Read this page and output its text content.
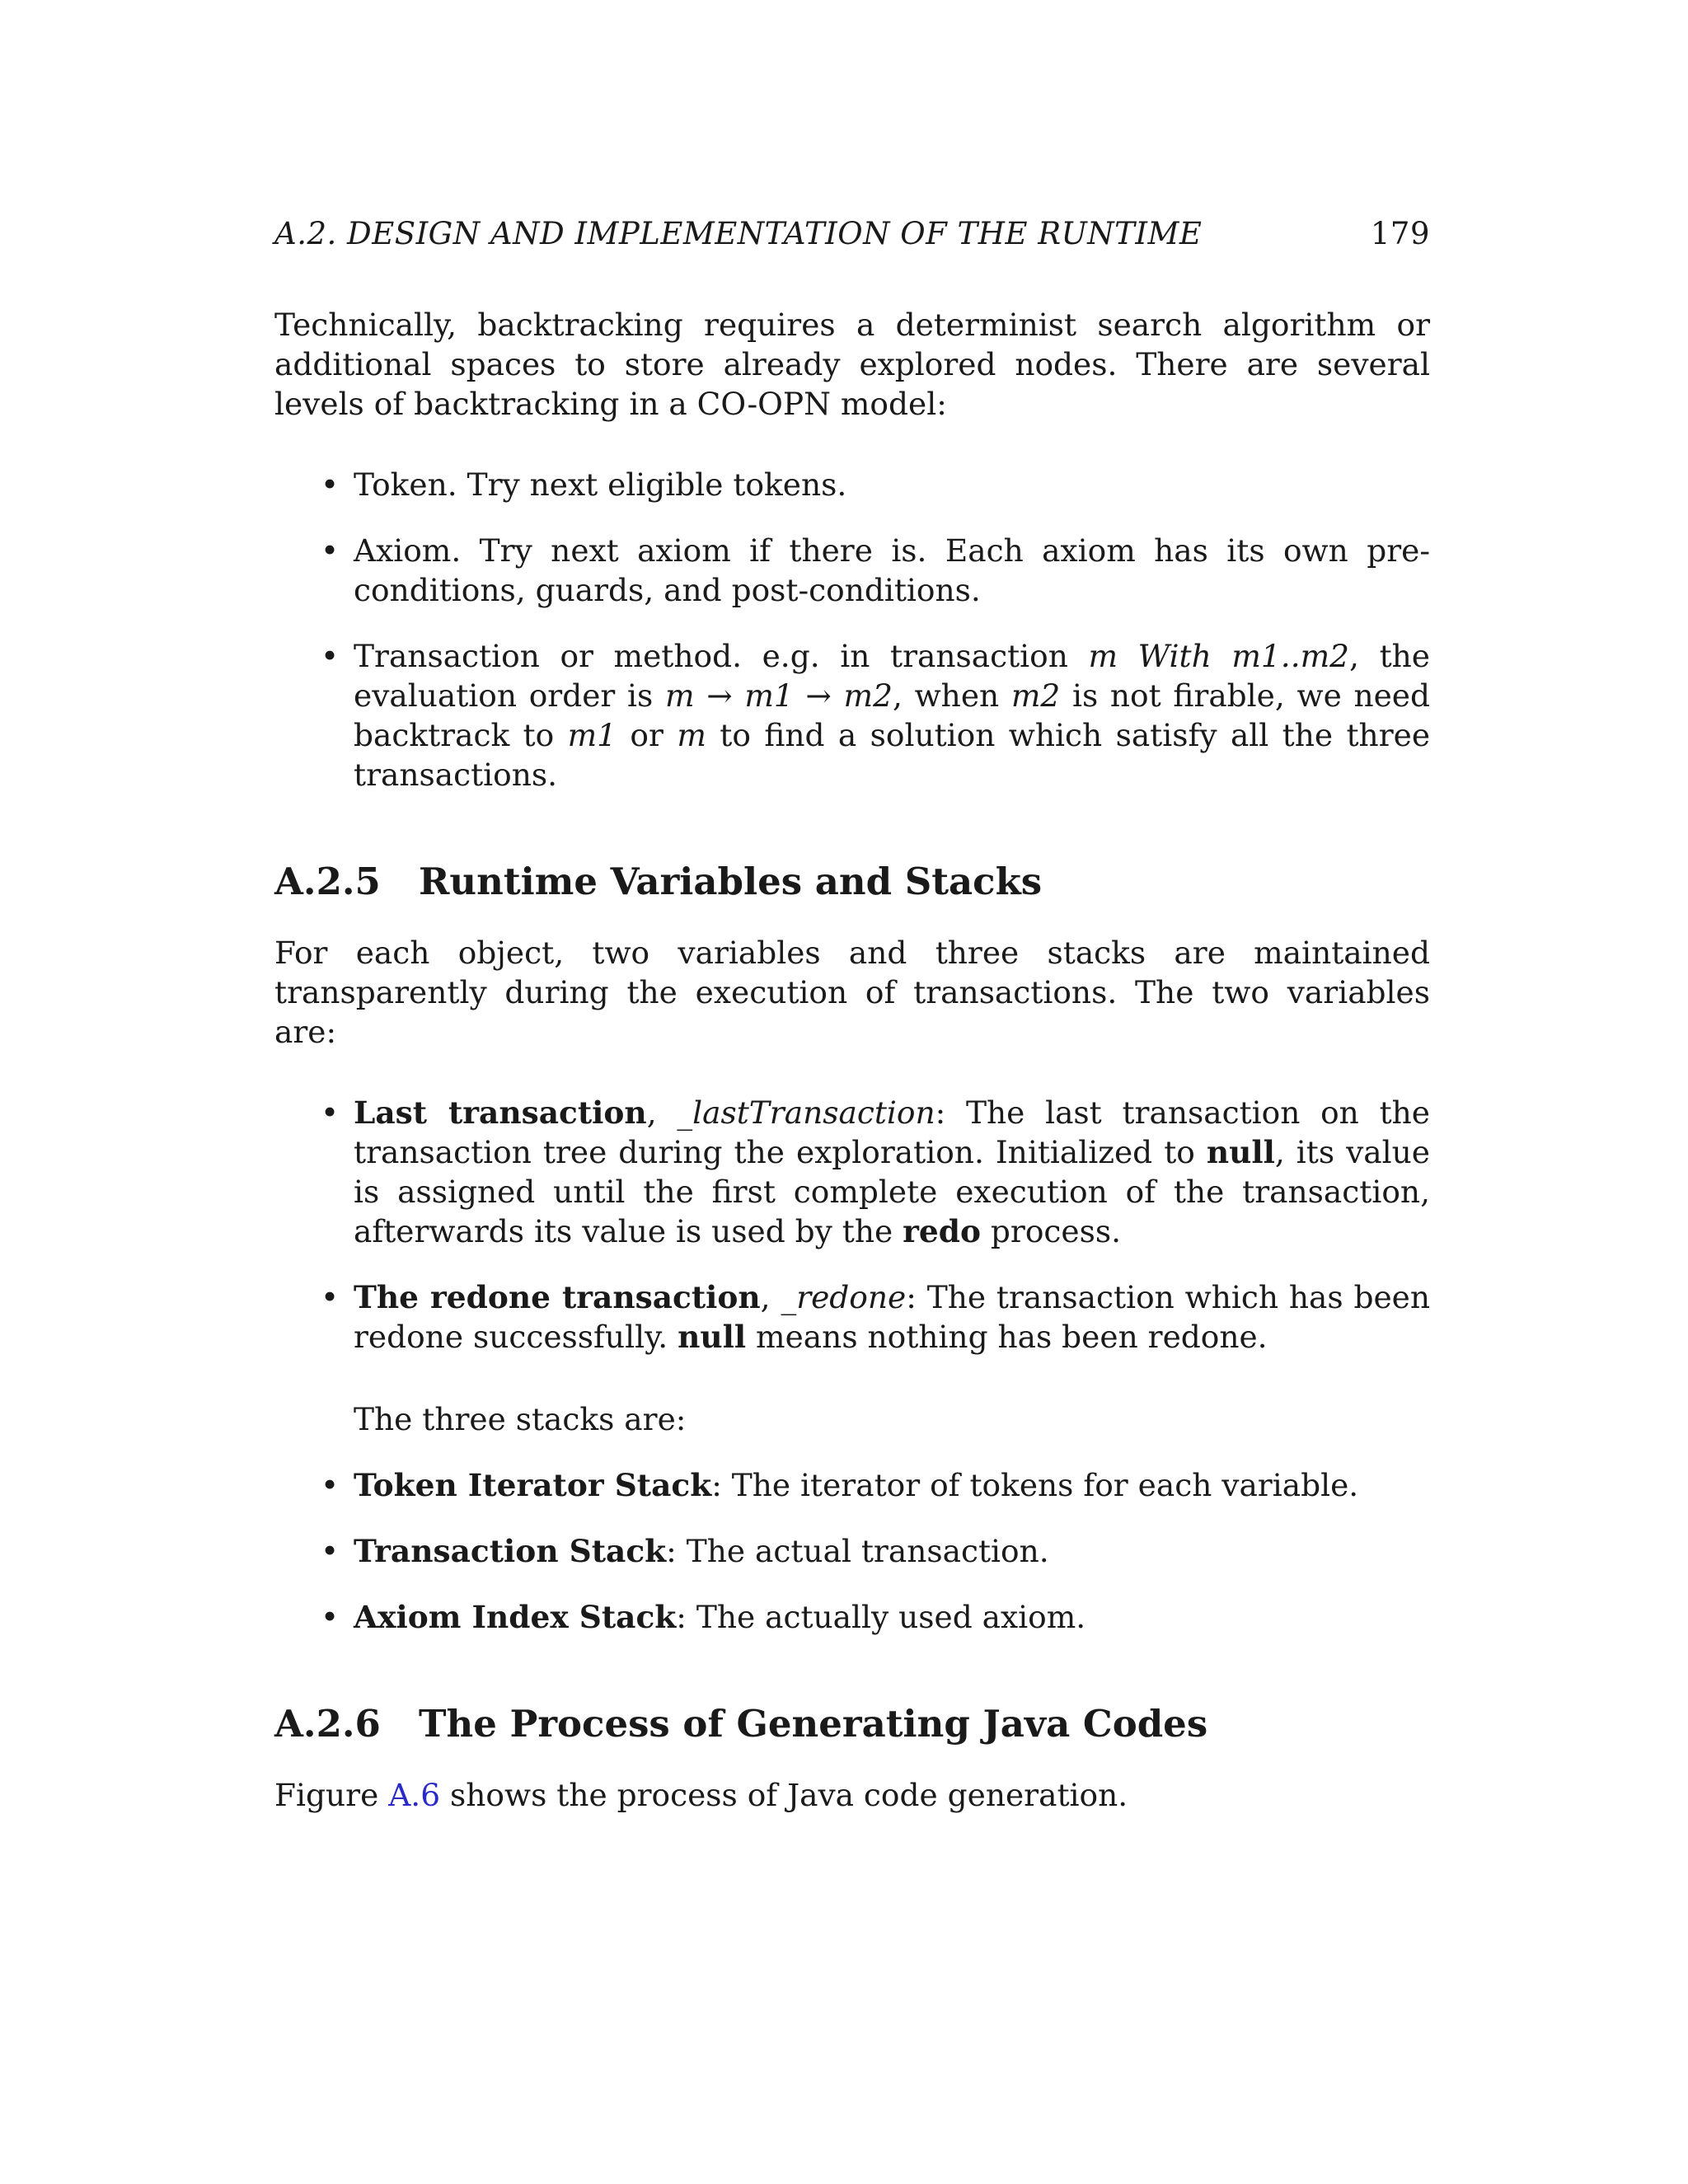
A.2. DESIGN AND IMPLEMENTATION OF THE RUNTIME	179

Technically, backtracking requires a determinist search algorithm or additional spaces to store already explored nodes. There are several levels of backtracking in a CO-OPN model:

• Token. Try next eligible tokens.
• Axiom. Try next axiom if there is. Each axiom has its own pre-conditions, guards, and post-conditions.
• Transaction or method. e.g. in transaction m With m1..m2, the evaluation order is m → m1 → m2, when m2 is not firable, we need backtrack to m1 or m to find a solution which satisfy all the three transactions.
A.2.5 Runtime Variables and Stacks

For each object, two variables and three stacks are maintained transparently during the execution of transactions. The two variables are:

• Last transaction, _lastTransaction: The last transaction on the transaction tree during the exploration. Initialized to null, its value is assigned until the first complete execution of the transaction, afterwards its value is used by the redo process.
• The redone transaction, _redone: The transaction which has been redone successfully. null means nothing has been redone.

The three stacks are:

• Token Iterator Stack: The iterator of tokens for each variable.
• Transaction Stack: The actual transaction.
• Axiom Index Stack: The actually used axiom.
A.2.6 The Process of Generating Java Codes

Figure A.6 shows the process of Java code generation.
